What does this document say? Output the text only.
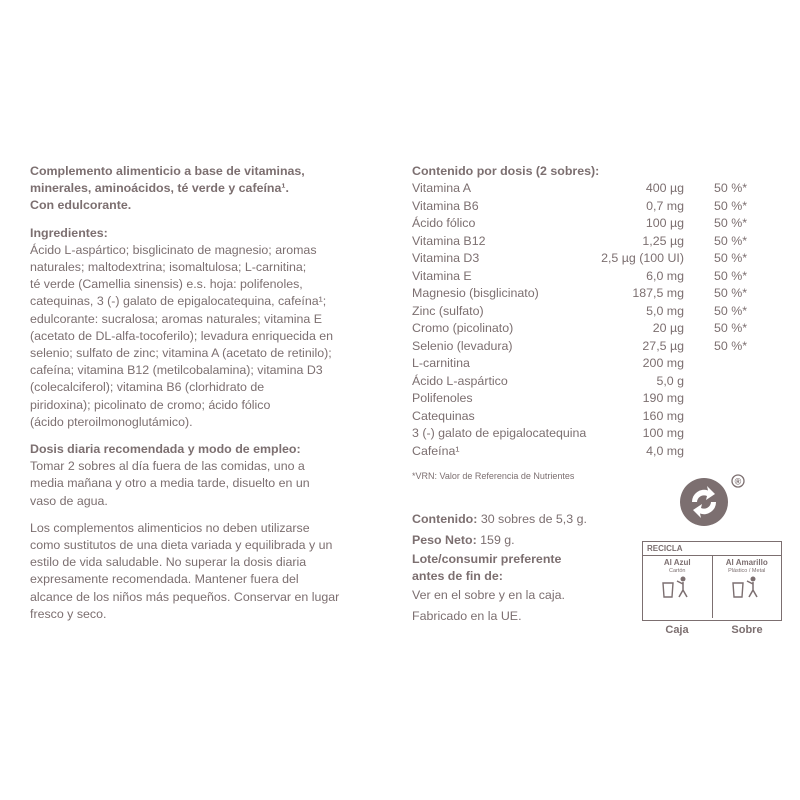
Complemento alimenticio a base de vitaminas,

minerales, aminoácidos, té verde y cafeína¹.

Con edulcorante.

Ingredientes:

Ácido L-aspártico; bisglicinato de magnesio; aromas

naturales; maltodextrina; isomaltulosa; L-carnitina;

té verde (Camellia sinensis) e.s. hoja: polifenoles,

catequinas, 3 (-) galato de epigalocatequina, cafeína¹;

edulcorante: sucralosa; aromas naturales; vitamina E

(acetato de DL-alfa-tocoferilo); levadura enriquecida en

selenio; sulfato de zinc; vitamina A (acetato de retinilo);

cafeína; vitamina B12 (metilcobalamina); vitamina D3

(colecalciferol); vitamina B6 (clorhidrato de

piridoxina); picolinato de cromo; ácido fólico

(ácido pteroilmonoglutámico).

Dosis diaria recomendada y modo de empleo:

Tomar 2 sobres al día fuera de las comidas, uno a

media mañana y otro a media tarde, disuelto en un

vaso de agua.

Los complementos alimenticios no deben utilizarse

como sustitutos de una dieta variada y equilibrada y un

estilo de vida saludable. No superar la dosis diaria

expresamente recomendada. Mantener fuera del

alcance de los niños más pequeños. Conservar en lugar

fresco y seco.

Contenido por dosis (2 sobres):

Vitamina A	400 µg	50 %*
Vitamina B6	0,7 mg	50 %*
Ácido fólico	100 µg	50 %*
Vitamina B12	1,25 µg	50 %*
Vitamina D3	2,5 µg (100 UI)	50 %*
Vitamina E	6,0 mg	50 %*
Magnesio (bisglicinato)	187,5 mg	50 %*
Zinc (sulfato)	5,0 mg	50 %*
Cromo (picolinato)	20 µg	50 %*
Selenio (levadura)	27,5 µg	50 %*
L-carnitina	200 mg
Ácido L-aspártico	5,0 g
Polifenoles	190 mg
Catequinas	160 mg
3 (-) galato de epigalocatequina	100 mg
Cafeína¹	4,0 mg

*VRN: Valor de Referencia de Nutrientes

Contenido: 30 sobres de 5,3 g.

Peso Neto: 159 g.

Lote/consumir preferente
antes de fin de:

Ver en el sobre y en la caja.

Fabricado en la UE.

®
RECICLA
Al Azul
Cartón
Al Amarillo
Plástico / Metal
Caja	Sobre
